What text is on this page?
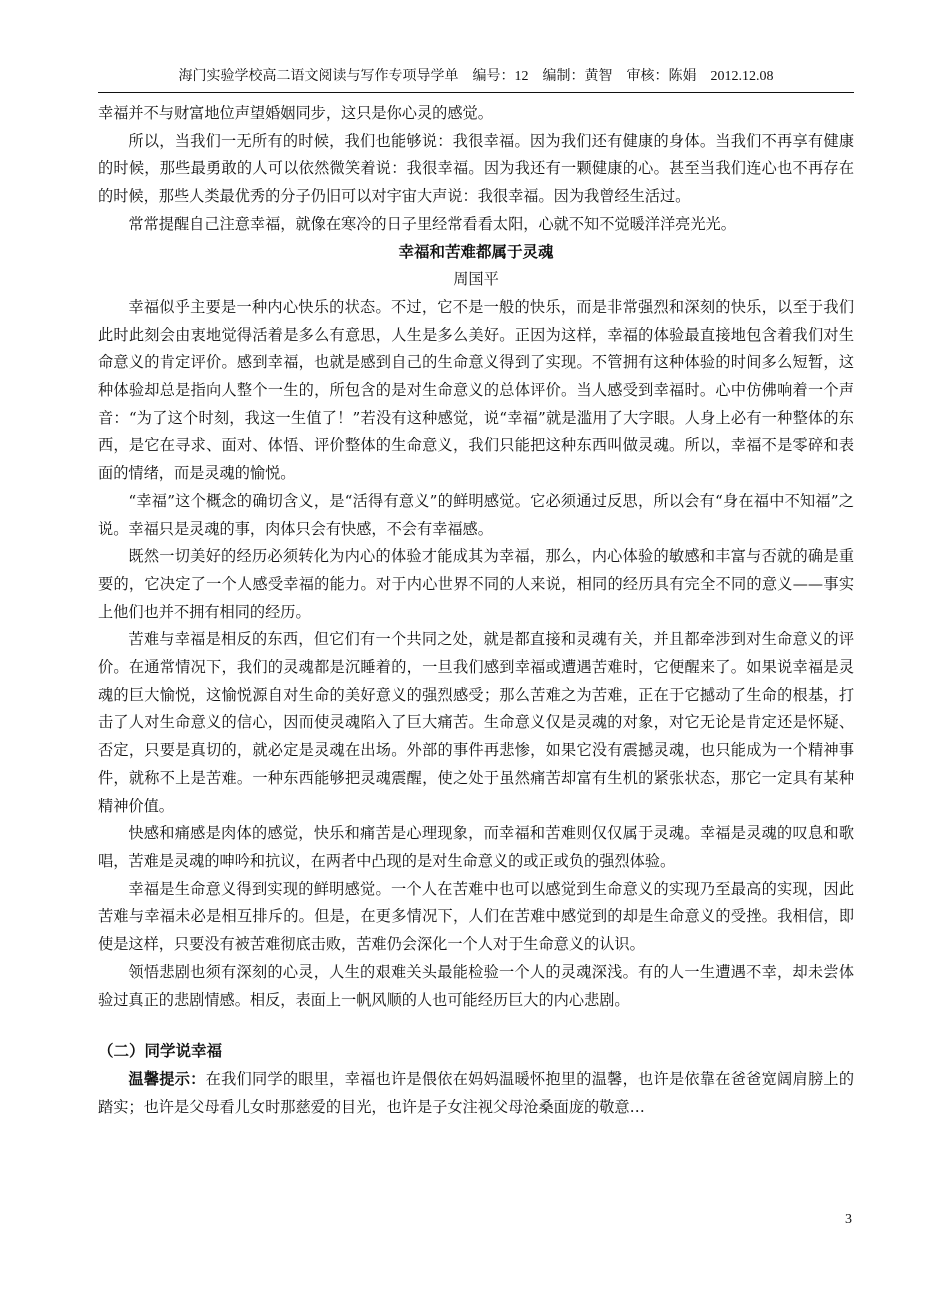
海门实验学校高二语文阅读与写作专项导学单　编号：12　编制：黄智　审核：陈娟　2012.12.08

幸福并不与财富地位声望婚姻同步，这只是你心灵的感觉。

所以，当我们一无所有的时候，我们也能够说：我很幸福。因为我们还有健康的身体。当我们不再享有健康的时候，那些最勇敢的人可以依然微笑着说：我很幸福。因为我还有一颗健康的心。甚至当我们连心也不再存在的时候，那些人类最优秀的分子仍旧可以对宇宙大声说：我很幸福。因为我曾经生活过。

常常提醒自己注意幸福，就像在寒冷的日子里经常看看太阳，心就不知不觉暖洋洋亮光光。

幸福和苦难都属于灵魂

周国平

幸福似乎主要是一种内心快乐的状态。不过，它不是一般的快乐，而是非常强烈和深刻的快乐，以至于我们此时此刻会由衷地觉得活着是多么有意思，人生是多么美好。正因为这样，幸福的体验最直接地包含着我们对生命意义的肯定评价。感到幸福，也就是感到自己的生命意义得到了实现。不管拥有这种体验的时间多么短暂，这种体验却总是指向人整个一生的，所包含的是对生命意义的总体评价。当人感受到幸福时。心中仿佛响着一个声音：“为了这个时刻，我这一生值了！”若没有这种感觉，说“幸福”就是滥用了大字眼。人身上必有一种整体的东西，是它在寻求、面对、体悟、评价整体的生命意义，我们只能把这种东西叫做灵魂。所以，幸福不是零碎和表面的情绪，而是灵魂的愉悦。

“幸福”这个概念的确切含义，是“活得有意义”的鲜明感觉。它必须通过反思，所以会有“身在福中不知福”之说。幸福只是灵魂的事，肉体只会有快感，不会有幸福感。

既然一切美好的经历必须转化为内心的体验才能成其为幸福，那么，内心体验的敏感和丰富与否就的确是重要的，它决定了一个人感受幸福的能力。对于内心世界不同的人来说，相同的经历具有完全不同的意义——事实上他们也并不拥有相同的经历。

苦难与幸福是相反的东西，但它们有一个共同之处，就是都直接和灵魂有关，并且都牵涉到对生命意义的评价。在通常情况下，我们的灵魂都是沉睡着的，一旦我们感到幸福或遭遇苦难时，它便醒来了。如果说幸福是灵魂的巨大愉悦，这愉悦源自对生命的美好意义的强烈感受；那么苦难之为苦难，正在于它撼动了生命的根基，打击了人对生命意义的信心，因而使灵魂陷入了巨大痛苦。生命意义仅是灵魂的对象，对它无论是肯定还是怀疑、否定，只要是真切的，就必定是灵魂在出场。外部的事件再悲惨，如果它没有震撼灵魂，也只能成为一个精神事件，就称不上是苦难。一种东西能够把灵魂震醒，使之处于虽然痛苦却富有生机的紧张状态，那它一定具有某种精神价值。

快感和痛感是肉体的感觉，快乐和痛苦是心理现象，而幸福和苦难则仅仅属于灵魂。幸福是灵魂的叹息和歌唱，苦难是灵魂的呻吟和抗议，在两者中凸现的是对生命意义的或正或负的强烈体验。

幸福是生命意义得到实现的鲜明感觉。一个人在苦难中也可以感觉到生命意义的实现乃至最高的实现，因此苦难与幸福未必是相互排斥的。但是，在更多情况下，人们在苦难中感觉到的却是生命意义的受挫。我相信，即使是这样，只要没有被苦难彻底击败，苦难仍会深化一个人对于生命意义的认识。

领悟悲剧也须有深刻的心灵，人生的艰难关头最能检验一个人的灵魂深浅。有的人一生遭遇不幸，却未尝体验过真正的悲剧情感。相反，表面上一帆风顺的人也可能经历巨大的内心悲剧。

（二）同学说幸福

温馨提示：在我们同学的眼里，幸福也许是偎依在妈妈温暖怀抱里的温馨，也许是依靠在爸爸宽阔肩膀上的踏实；也许是父母看儿女时那慈爱的目光，也许是子女注视父母沧桑面庞的敬意…

3
